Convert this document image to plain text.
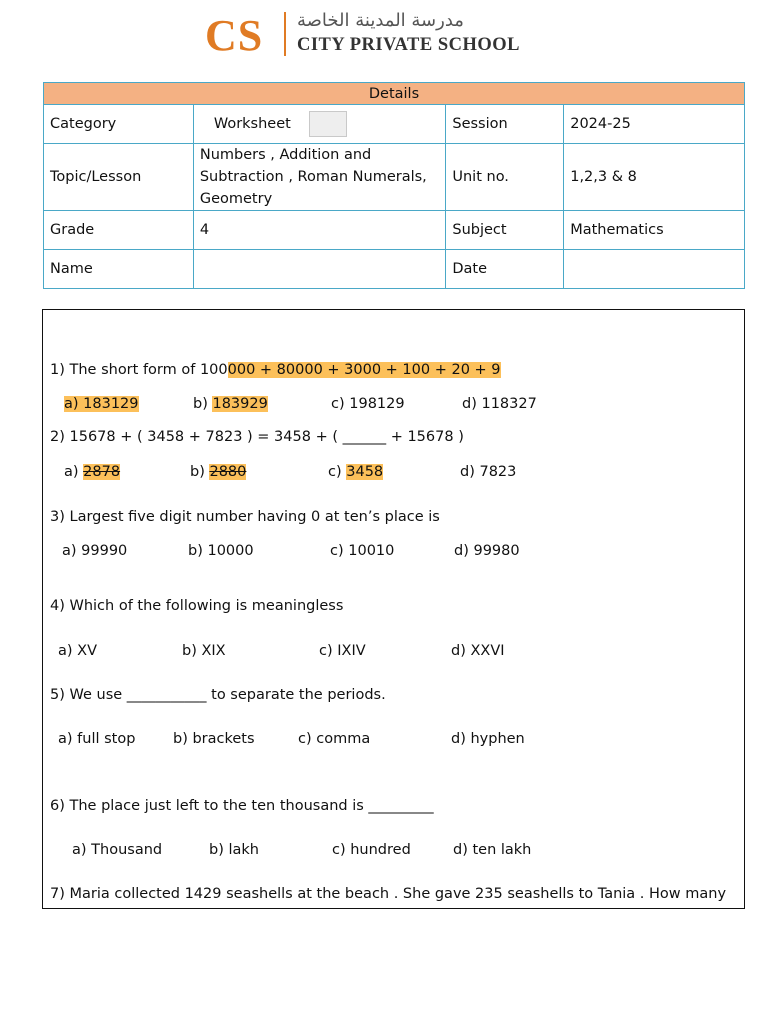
CS مدرسة المدينة الخاصة
CITY PRIVATE SCHOOL
Details			
Category	Worksheet	Session	2024-25
Topic/Lesson	Numbers , Addition and Subtraction , Roman Numerals, Geometry	Unit no.	1,2,3 & 8
Grade	4	Subject	Mathematics
Name		Date	
1) The short form of 100000 + 80000 + 3000 + 100 + 20 + 9
a) 183129	b) 183929	c) 198129	d) 118327
2) 15678 + ( 3458 + 7823 ) = 3458 + ( ______ + 15678 )
a) 2878	b) 2880	c) 3458	d) 7823
3) Largest five digit number having 0 at ten’s place is
a) 99990	b) 10000	c) 10010	d) 99980
4) Which of the following is meaningless
a) XV	b) XIX	c) IXIV	d) XXVI
5) We use ___________ to separate the periods.
a) full stop	b) brackets	c) comma	d) hyphen
6) The place just left to the ten thousand is _________
a) Thousand	b) lakh	c) hundred	d) ten lakh
7) Maria collected 1429 seashells at the beach . She gave 235 seashells to Tania . How many
